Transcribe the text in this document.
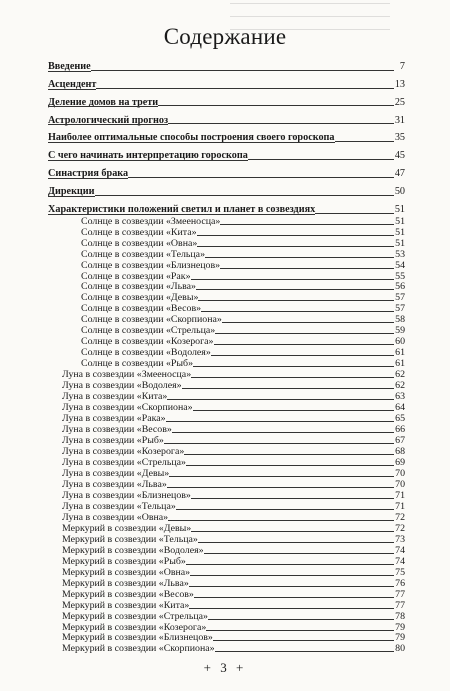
Содержание
Введение	7
Асцендент	13
Деление домов на трети	25
Астрологический прогноз	31
Наиболее оптимальные способы построения своего гороскопа	35
С чего начинать интерпретацию гороскопа	45
Синастрия брака	47
Дирекции	50
Характеристики положений светил и планет в созвездиях	51
Солнце в созвездии «Змееносца»	51
Солнце в созвездии «Кита»	51
Солнце в созвездии «Овна»	51
Солнце в созвездии «Тельца»	53
Солнце в созвездии «Близнецов»	54
Солнце в созвездии «Рак»	55
Солнце в созвездии «Льва»	56
Солнце в созвездии «Девы»	57
Солнце в созвездии «Весов»	57
Солнце в созвездии «Скорпиона»	58
Солнце в созвездии «Стрельца»	59
Солнце в созвездии «Козерога»	60
Солнце в созвездии «Водолея»	61
Солнце в созвездии «Рыб»	61
Луна в созвездии «Змееносца»	62
Луна в созвездии «Водолея»	62
Луна в созвездии «Кита»	63
Луна в созвездии «Скорпиона»	64
Луна в созвездии «Рака»	65
Луна в созвездии «Весов»	66
Луна в созвездии «Рыб»	67
Луна в созвездии «Козерога»	68
Луна в созвездии «Стрельца»	69
Луна в созвездии «Девы»	70
Луна в созвездии «Льва»	70
Луна в созвездии «Близнецов»	71
Луна в созвездии «Тельца»	71
Луна в созвездии «Овна»	72
Меркурий в созвездии «Девы»	72
Меркурий в созвездии «Тельца»	73
Меркурий в созвездии «Водолея»	74
Меркурий в созвездии «Рыб»	74
Меркурий в созвездии «Овна»	75
Меркурий в созвездии «Льва»	76
Меркурий в созвездии «Весов»	77
Меркурий в созвездии «Кита»	77
Меркурий в созвездии «Стрельца»	78
Меркурий в созвездии «Козерога»	79
Меркурий в созвездии «Близнецов»	79
Меркурий в созвездии «Скорпиона»	80
+ 3 +
